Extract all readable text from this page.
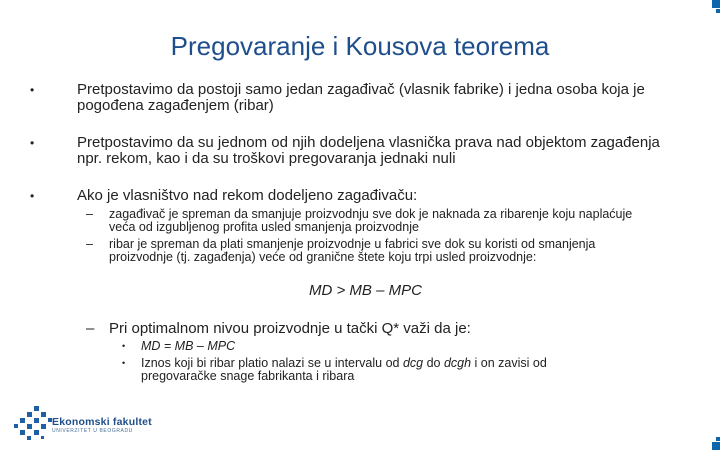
Pregovaranje i Kousova teorema
•	Pretpostavimo da postoji samo jedan zagađivač (vlasnik fabrike) i jedna osoba koja je pogođena zagađenjem (ribar)
•	Pretpostavimo da su jednom od njih dodeljena vlasnička prava nad objektom zagađenja npr. rekom, kao i da su troškovi pregovaranja jednaki nuli
•	Ako je vlasništvo nad rekom dodeljeno zagađivaču:
– zagađivač je spreman da smanjuje proizvodnju sve dok je naknada za ribarenje koju naplaćuje veća od izgubljenog profita usled smanjenja proizvodnje
– ribar je spreman da plati smanjenje proizvodnje u fabrici sve dok su koristi od smanjenja proizvodnje (tj. zagađenja) veće od granične štete koju trpi usled proizvodnje:
MD > MB – MPC
– Pri optimalnom nivou proizvodnje u tački Q* važi da je:
• MD = MB – MPC
• Iznos koji bi ribar platio nalazi se u intervalu od dcg do dcgh i on zavisi od pregovaračke snage fabrikanta i ribara
Ekonomski fakultet
UNIVERZITET U BEOGRADU
